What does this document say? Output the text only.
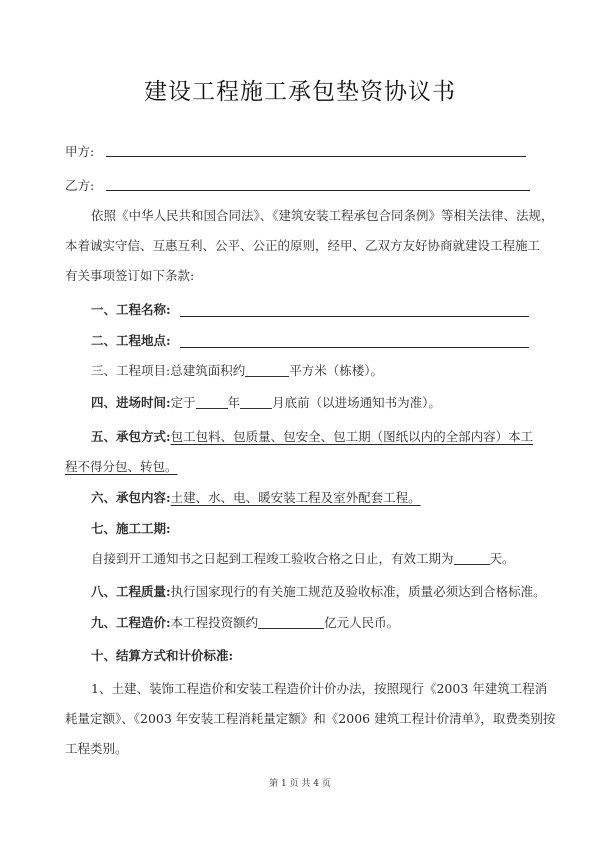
建设工程施工承包垫资协议书
甲方:
乙方:
依照《中华人民共和国合同法》、《建筑安装工程承包合同条例》等相关法律、法规，
本着诚实守信、互惠互利、公平、公正的原则，经甲、乙双方友好协商就建设工程施工
有关事项签订如下条款:
一、工程名称:
二、工程地点:
三、工程项目:总建筑面积约	平方米（栋楼）。
四、进场时间:定于	年	月底前（以进场通知书为准）。
五、承包方式:包工包料、包质量、包安全、包工期（图纸以内的全部内容）本工
程不得分包、转包。
六、承包内容:土建、水、电、暖安装工程及室外配套工程。
七、施工工期:
自接到开工通知书之日起到工程竣工验收合格之日止，有效工期为	天。
八、工程质量:执行国家现行的有关施工规范及验收标准，质量必须达到合格标准。
九、工程造价:本工程投资额约	亿元人民币。
十、结算方式和计价标准:
1、土建、装饰工程造价和安装工程造价计价办法，按照现行《2003 年建筑工程消
耗量定额》、《2003 年安装工程消耗量定额》和《2006 建筑工程计价清单》，取费类别按
工程类别。
第 1 页 共 4 页
